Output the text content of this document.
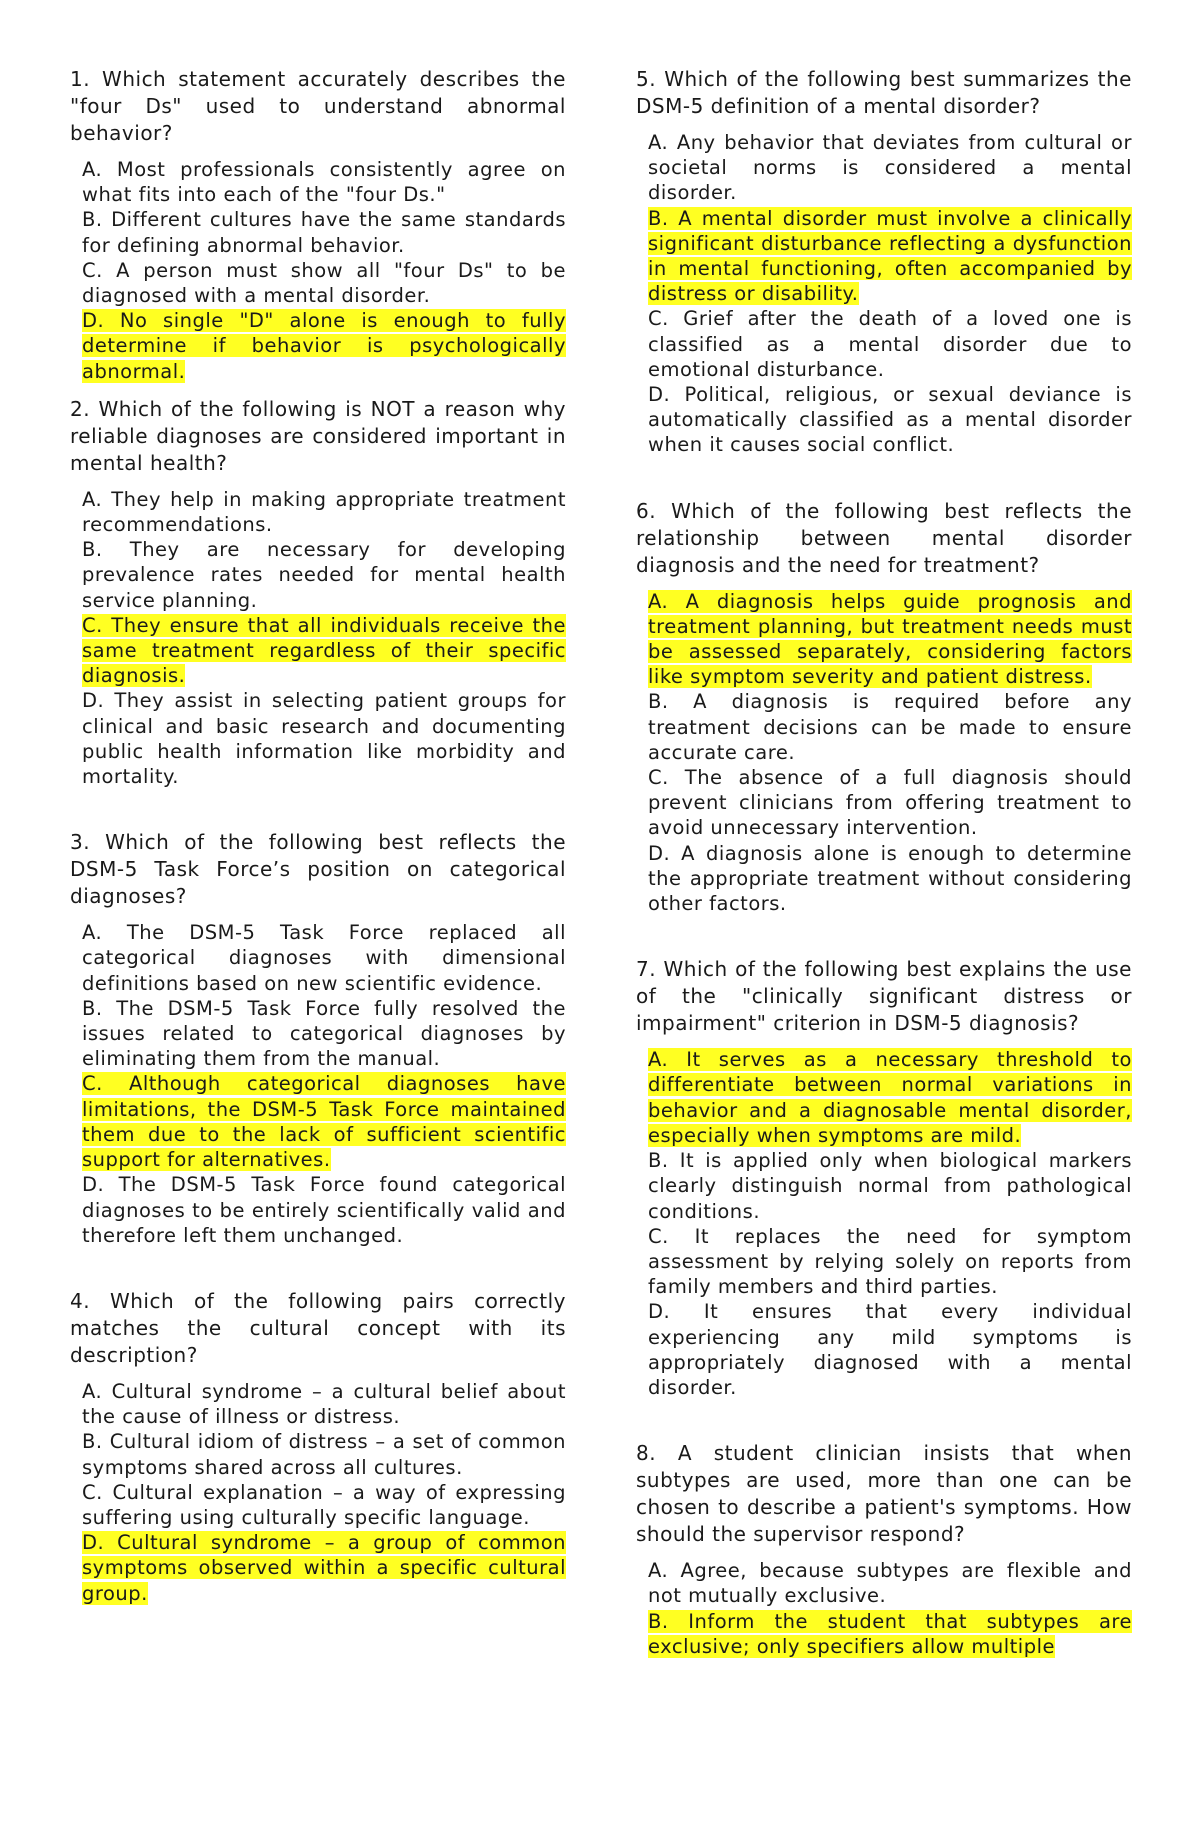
1. Which statement accurately describes the "four Ds" used to understand abnormal behavior?

A. Most professionals consistently agree on what fits into each of the "four Ds."
B. Different cultures have the same standards for defining abnormal behavior.
C. A person must show all "four Ds" to be diagnosed with a mental disorder.
D. No single "D" alone is enough to fully determine if behavior is psychologically abnormal.

2. Which of the following is NOT a reason why reliable diagnoses are considered important in mental health?

A. They help in making appropriate treatment recommendations.
B. They are necessary for developing prevalence rates needed for mental health service planning.
C. They ensure that all individuals receive the same treatment regardless of their specific diagnosis.
D. They assist in selecting patient groups for clinical and basic research and documenting public health information like morbidity and mortality.

3. Which of the following best reflects the DSM-5 Task Force’s position on categorical diagnoses?

A. The DSM-5 Task Force replaced all categorical diagnoses with dimensional definitions based on new scientific evidence.
B. The DSM-5 Task Force fully resolved the issues related to categorical diagnoses by eliminating them from the manual.
C. Although categorical diagnoses have limitations, the DSM-5 Task Force maintained them due to the lack of sufficient scientific support for alternatives.
D. The DSM-5 Task Force found categorical diagnoses to be entirely scientifically valid and therefore left them unchanged.

4. Which of the following pairs correctly matches the cultural concept with its description?

A. Cultural syndrome – a cultural belief about the cause of illness or distress.
B. Cultural idiom of distress – a set of common symptoms shared across all cultures.
C. Cultural explanation – a way of expressing suffering using culturally specific language.
D. Cultural syndrome – a group of common symptoms observed within a specific cultural group.

5. Which of the following best summarizes the DSM-5 definition of a mental disorder?

A. Any behavior that deviates from cultural or societal norms is considered a mental disorder.
B. A mental disorder must involve a clinically significant disturbance reflecting a dysfunction in mental functioning, often accompanied by distress or disability.
C. Grief after the death of a loved one is classified as a mental disorder due to emotional disturbance.
D. Political, religious, or sexual deviance is automatically classified as a mental disorder when it causes social conflict.

6. Which of the following best reflects the relationship between mental disorder diagnosis and the need for treatment?

A. A diagnosis helps guide prognosis and treatment planning, but treatment needs must be assessed separately, considering factors like symptom severity and patient distress.
B. A diagnosis is required before any treatment decisions can be made to ensure accurate care.
C. The absence of a full diagnosis should prevent clinicians from offering treatment to avoid unnecessary intervention.
D. A diagnosis alone is enough to determine the appropriate treatment without considering other factors.

7. Which of the following best explains the use of the "clinically significant distress or impairment" criterion in DSM-5 diagnosis?

A. It serves as a necessary threshold to differentiate between normal variations in behavior and a diagnosable mental disorder, especially when symptoms are mild.
B. It is applied only when biological markers clearly distinguish normal from pathological conditions.
C. It replaces the need for symptom assessment by relying solely on reports from family members and third parties.
D. It ensures that every individual experiencing any mild symptoms is appropriately diagnosed with a mental disorder.

8. A student clinician insists that when subtypes are used, more than one can be chosen to describe a patient's symptoms. How should the supervisor respond?

A. Agree, because subtypes are flexible and not mutually exclusive.
B. Inform the student that subtypes are exclusive; only specifiers allow multiple
